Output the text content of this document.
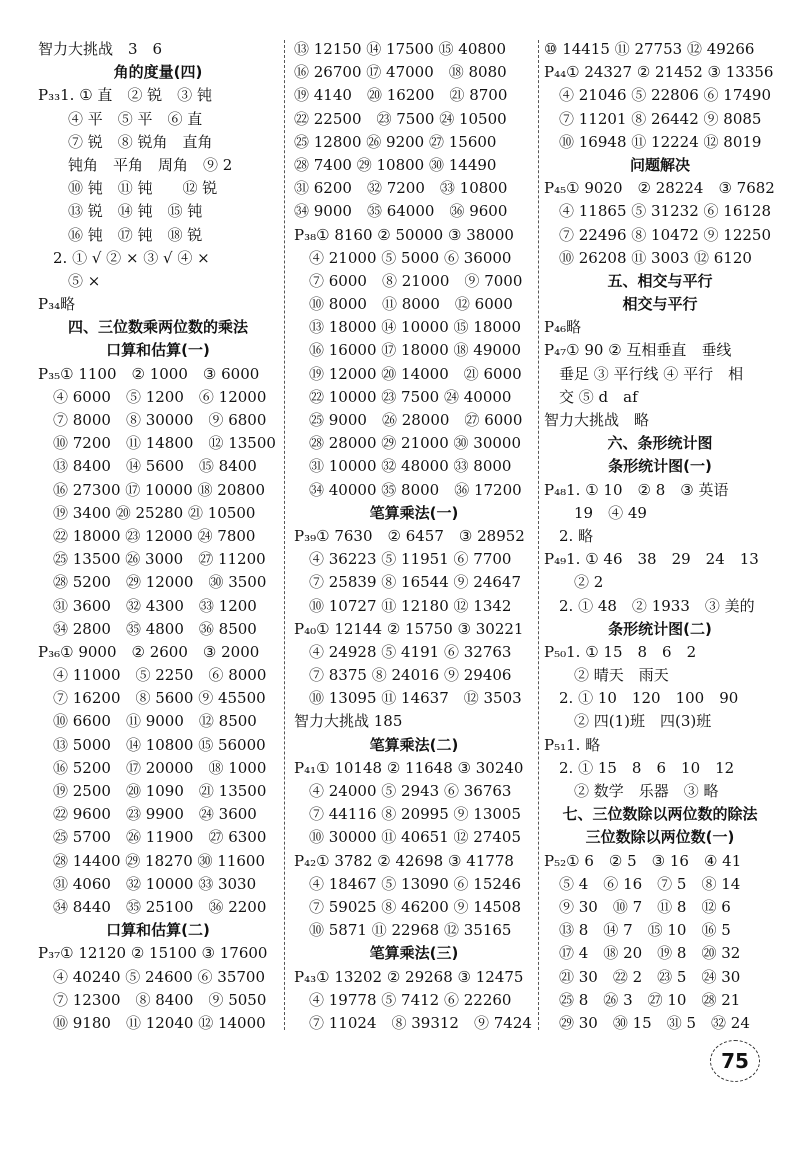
智力大挑战　3　6
角的度量(四)
P₃₃1. ① 直　② 锐　③ 钝
　　④ 平　⑤ 平　⑥ 直
　　⑦ 锐　⑧ 锐角　直角
　　钝角　平角　周角　⑨ 2
　　⑩ 钝　⑪ 钝　　⑫ 锐
　　⑬ 锐　⑭ 钝　⑮ 钝
　　⑯ 钝　⑰ 钝　⑱ 锐
　2. ① √ ② × ③ √ ④ ×
　　⑤ ×
P₃₄略
四、三位数乘两位数的乘法
口算和估算(一)
P₃₅① 1100　② 1000　③ 6000
　④ 6000　⑤ 1200　⑥ 12000
　⑦ 8000　⑧ 30000　⑨ 6800
　⑩ 7200　⑪ 14800　⑫ 13500
　⑬ 8400　⑭ 5600　⑮ 8400
　⑯ 27300 ⑰ 10000 ⑱ 20800
　⑲ 3400 ⑳ 25280 ㉑ 10500
　㉒ 18000 ㉓ 12000 ㉔ 7800
　㉕ 13500 ㉖ 3000　㉗ 11200
　㉘ 5200　㉙ 12000　㉚ 3500
　㉛ 3600　㉜ 4300　㉝ 1200
　㉞ 2800　㉟ 4800　㊱ 8500
P₃₆① 9000　② 2600　③ 2000
　④ 11000　⑤ 2250　⑥ 8000
　⑦ 16200　⑧ 5600 ⑨ 45500
　⑩ 6600　⑪ 9000　⑫ 8500
　⑬ 5000　⑭ 10800 ⑮ 56000
　⑯ 5200　⑰ 20000　⑱ 1000
　⑲ 2500　⑳ 1090　㉑ 13500
　㉒ 9600　㉓ 9900　㉔ 3600
　㉕ 5700　㉖ 11900　㉗ 6300
　㉘ 14400 ㉙ 18270 ㉚ 11600
　㉛ 4060　㉜ 10000 ㉝ 3030
　㉞ 8440　㉟ 25100　㊱ 2200
口算和估算(二)
P₃₇① 12120 ② 15100 ③ 17600
　④ 40240 ⑤ 24600 ⑥ 35700
　⑦ 12300　⑧ 8400　⑨ 5050
　⑩ 9180　⑪ 12040 ⑫ 14000
⑬ 12150 ⑭ 17500 ⑮ 40800
⑯ 26700 ⑰ 47000　⑱ 8080
⑲ 4140　⑳ 16200　㉑ 8700
㉒ 22500　㉓ 7500 ㉔ 10500
㉕ 12800 ㉖ 9200 ㉗ 15600
㉘ 7400 ㉙ 10800 ㉚ 14490
㉛ 6200　㉜ 7200　㉝ 10800
㉞ 9000　㉟ 64000　㊱ 9600
P₃₈① 8160 ② 50000 ③ 38000
　④ 21000 ⑤ 5000 ⑥ 36000
　⑦ 6000　⑧ 21000　⑨ 7000
　⑩ 8000　⑪ 8000　⑫ 6000
　⑬ 18000 ⑭ 10000 ⑮ 18000
　⑯ 16000 ⑰ 18000 ⑱ 49000
　⑲ 12000 ⑳ 14000　㉑ 6000
　㉒ 10000 ㉓ 7500 ㉔ 40000
　㉕ 9000　㉖ 28000　㉗ 6000
　㉘ 28000 ㉙ 21000 ㉚ 30000
　㉛ 10000 ㉜ 48000 ㉝ 8000
　㉞ 40000 ㉟ 8000　㊱ 17200
笔算乘法(一)
P₃₉① 7630　② 6457　③ 28952
　④ 36223 ⑤ 11951 ⑥ 7700
　⑦ 25839 ⑧ 16544 ⑨ 24647
　⑩ 10727 ⑪ 12180 ⑫ 1342
P₄₀① 12144 ② 15750 ③ 30221
　④ 24928 ⑤ 4191 ⑥ 32763
　⑦ 8375 ⑧ 24016 ⑨ 29406
　⑩ 13095 ⑪ 14637　⑫ 3503
智力大挑战 185
笔算乘法(二)
P₄₁① 10148 ② 11648 ③ 30240
　④ 24000 ⑤ 2943 ⑥ 36763
　⑦ 44116 ⑧ 20995 ⑨ 13005
　⑩ 30000 ⑪ 40651 ⑫ 27405
P₄₂① 3782 ② 42698 ③ 41778
　④ 18467 ⑤ 13090 ⑥ 15246
　⑦ 59025 ⑧ 46200 ⑨ 14508
　⑩ 5871 ⑪ 22968 ⑫ 35165
笔算乘法(三)
P₄₃① 13202 ② 29268 ③ 12475
　④ 19778 ⑤ 7412 ⑥ 22260
　⑦ 11024　⑧ 39312　⑨ 7424
⑩ 14415 ⑪ 27753 ⑫ 49266
P₄₄① 24327 ② 21452 ③ 13356
　④ 21046 ⑤ 22806 ⑥ 17490
　⑦ 11201 ⑧ 26442 ⑨ 8085
　⑩ 16948 ⑪ 12224 ⑫ 8019
问题解决
P₄₅① 9020　② 28224　③ 7682
　④ 11865 ⑤ 31232 ⑥ 16128
　⑦ 22496 ⑧ 10472 ⑨ 12250
　⑩ 26208 ⑪ 3003 ⑫ 6120
五、相交与平行
相交与平行
P₄₆略
P₄₇① 90 ② 互相垂直　垂线
　垂足 ③ 平行线 ④ 平行　相
　交 ⑤ d　af
智力大挑战　略
六、条形统计图
条形统计图(一)
P₄₈1. ① 10　② 8　③ 英语
　　19　④ 49
　2. 略
P₄₉1. ① 46　38　29　24　13
　　② 2
　2. ① 48　② 1933　③ 美的
条形统计图(二)
P₅₀1. ① 15　8　6　2
　　② 晴天　雨天
　2. ① 10　120　100　90
　　② 四(1)班　四(3)班
P₅₁1. 略
　2. ① 15　8　6　10　12
　　② 数学　乐器　③ 略
七、三位数除以两位数的除法
三位数除以两位数(一)
P₅₂① 6　② 5　③ 16　④ 41
　⑤ 4　⑥ 16　⑦ 5　⑧ 14
　⑨ 30　⑩ 7　⑪ 8　⑫ 6
　⑬ 8　⑭ 7　⑮ 10　⑯ 5
　⑰ 4　⑱ 20　⑲ 8　⑳ 32
　㉑ 30　㉒ 2　㉓ 5　㉔ 30
　㉕ 8　㉖ 3　㉗ 10　㉘ 21
　㉙ 30　㉚ 15　㉛ 5　㉜ 24
75
